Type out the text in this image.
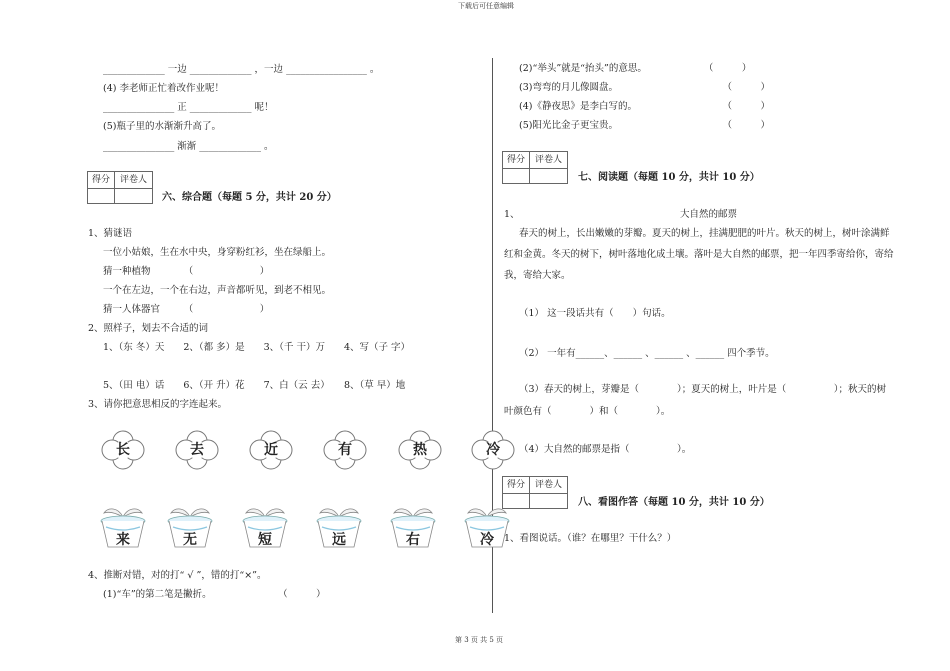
下载后可任意编辑
_____________ 一边 _____________ ，一边 _________________ 。
(4) 李老师正忙着改作业呢！
_______________ 正 _____________ 呢！
(5)瓶子里的水渐渐升高了。
_______________ 渐渐 _____________ 。
得分	评卷人
六、综合题（每题 5 分，共计 20 分）
1、猜谜语
一位小姑娘，生在水中央，身穿粉红衫，坐在绿船上。
猜一种植物　　　　（　　　　　　　）
一个在左边，一个在右边，声音都听见，到老不相见。
猜一人体器官　　　（　　　　　　　）
2、照样子，划去不合适的词
1、（东 冬）天　　2、（都 多）是　　3、（千 干）万　　4、写（子 字）
5、（田 电）话　　6、（开 升）花　　7、白（云 去）　　8、（草 早）地
3、请你把意思相反的字连起来。
长	去	近	有	热	冷
来	无	短	远	右	冷
4、推断对错，对的打“ √ ”，错的打“×”。
(1)“车”的第二笔是撇折。　　　　　　　　（　　　）
(2)“举头”就是“抬头”的意思。　　　　　　　（　　　）
(3)弯弯的月儿像圆盘。　　　　　　　　　　　　（　　　）
(4)《静夜思》是李白写的。　　　　　　　　　　（　　　）
(5)阳光比金子更宝贵。　　　　　　　　　　　　（　　　）
得分	评卷人
七、阅读题（每题 10 分，共计 10 分）
1、	大自然的邮票
春天的树上，长出嫩嫩的芽瓣。夏天的树上，挂满肥肥的叶片。秋天的树上，树叶涂满鲜
红和金黄。冬天的树下，树叶落地化成土壤。落叶是大自然的邮票，把一年四季寄给你，寄给
我，寄给大家。
（1） 这一段话共有（　　）句话。
（2） 一年有______、______ 、______ 、______ 四个季节。
（3）春天的树上，芽瓣是（　　　　）；夏天的树上，叶片是（　　　　　）；秋天的树
叶颜色有（　　　　）和（　　　　）。
（4）大自然的邮票是指（　　　　　）。
得分	评卷人
八、看图作答（每题 10 分，共计 10 分）
1、看图说话。（谁？在哪里？干什么？）
第 3 页 共 5 页
